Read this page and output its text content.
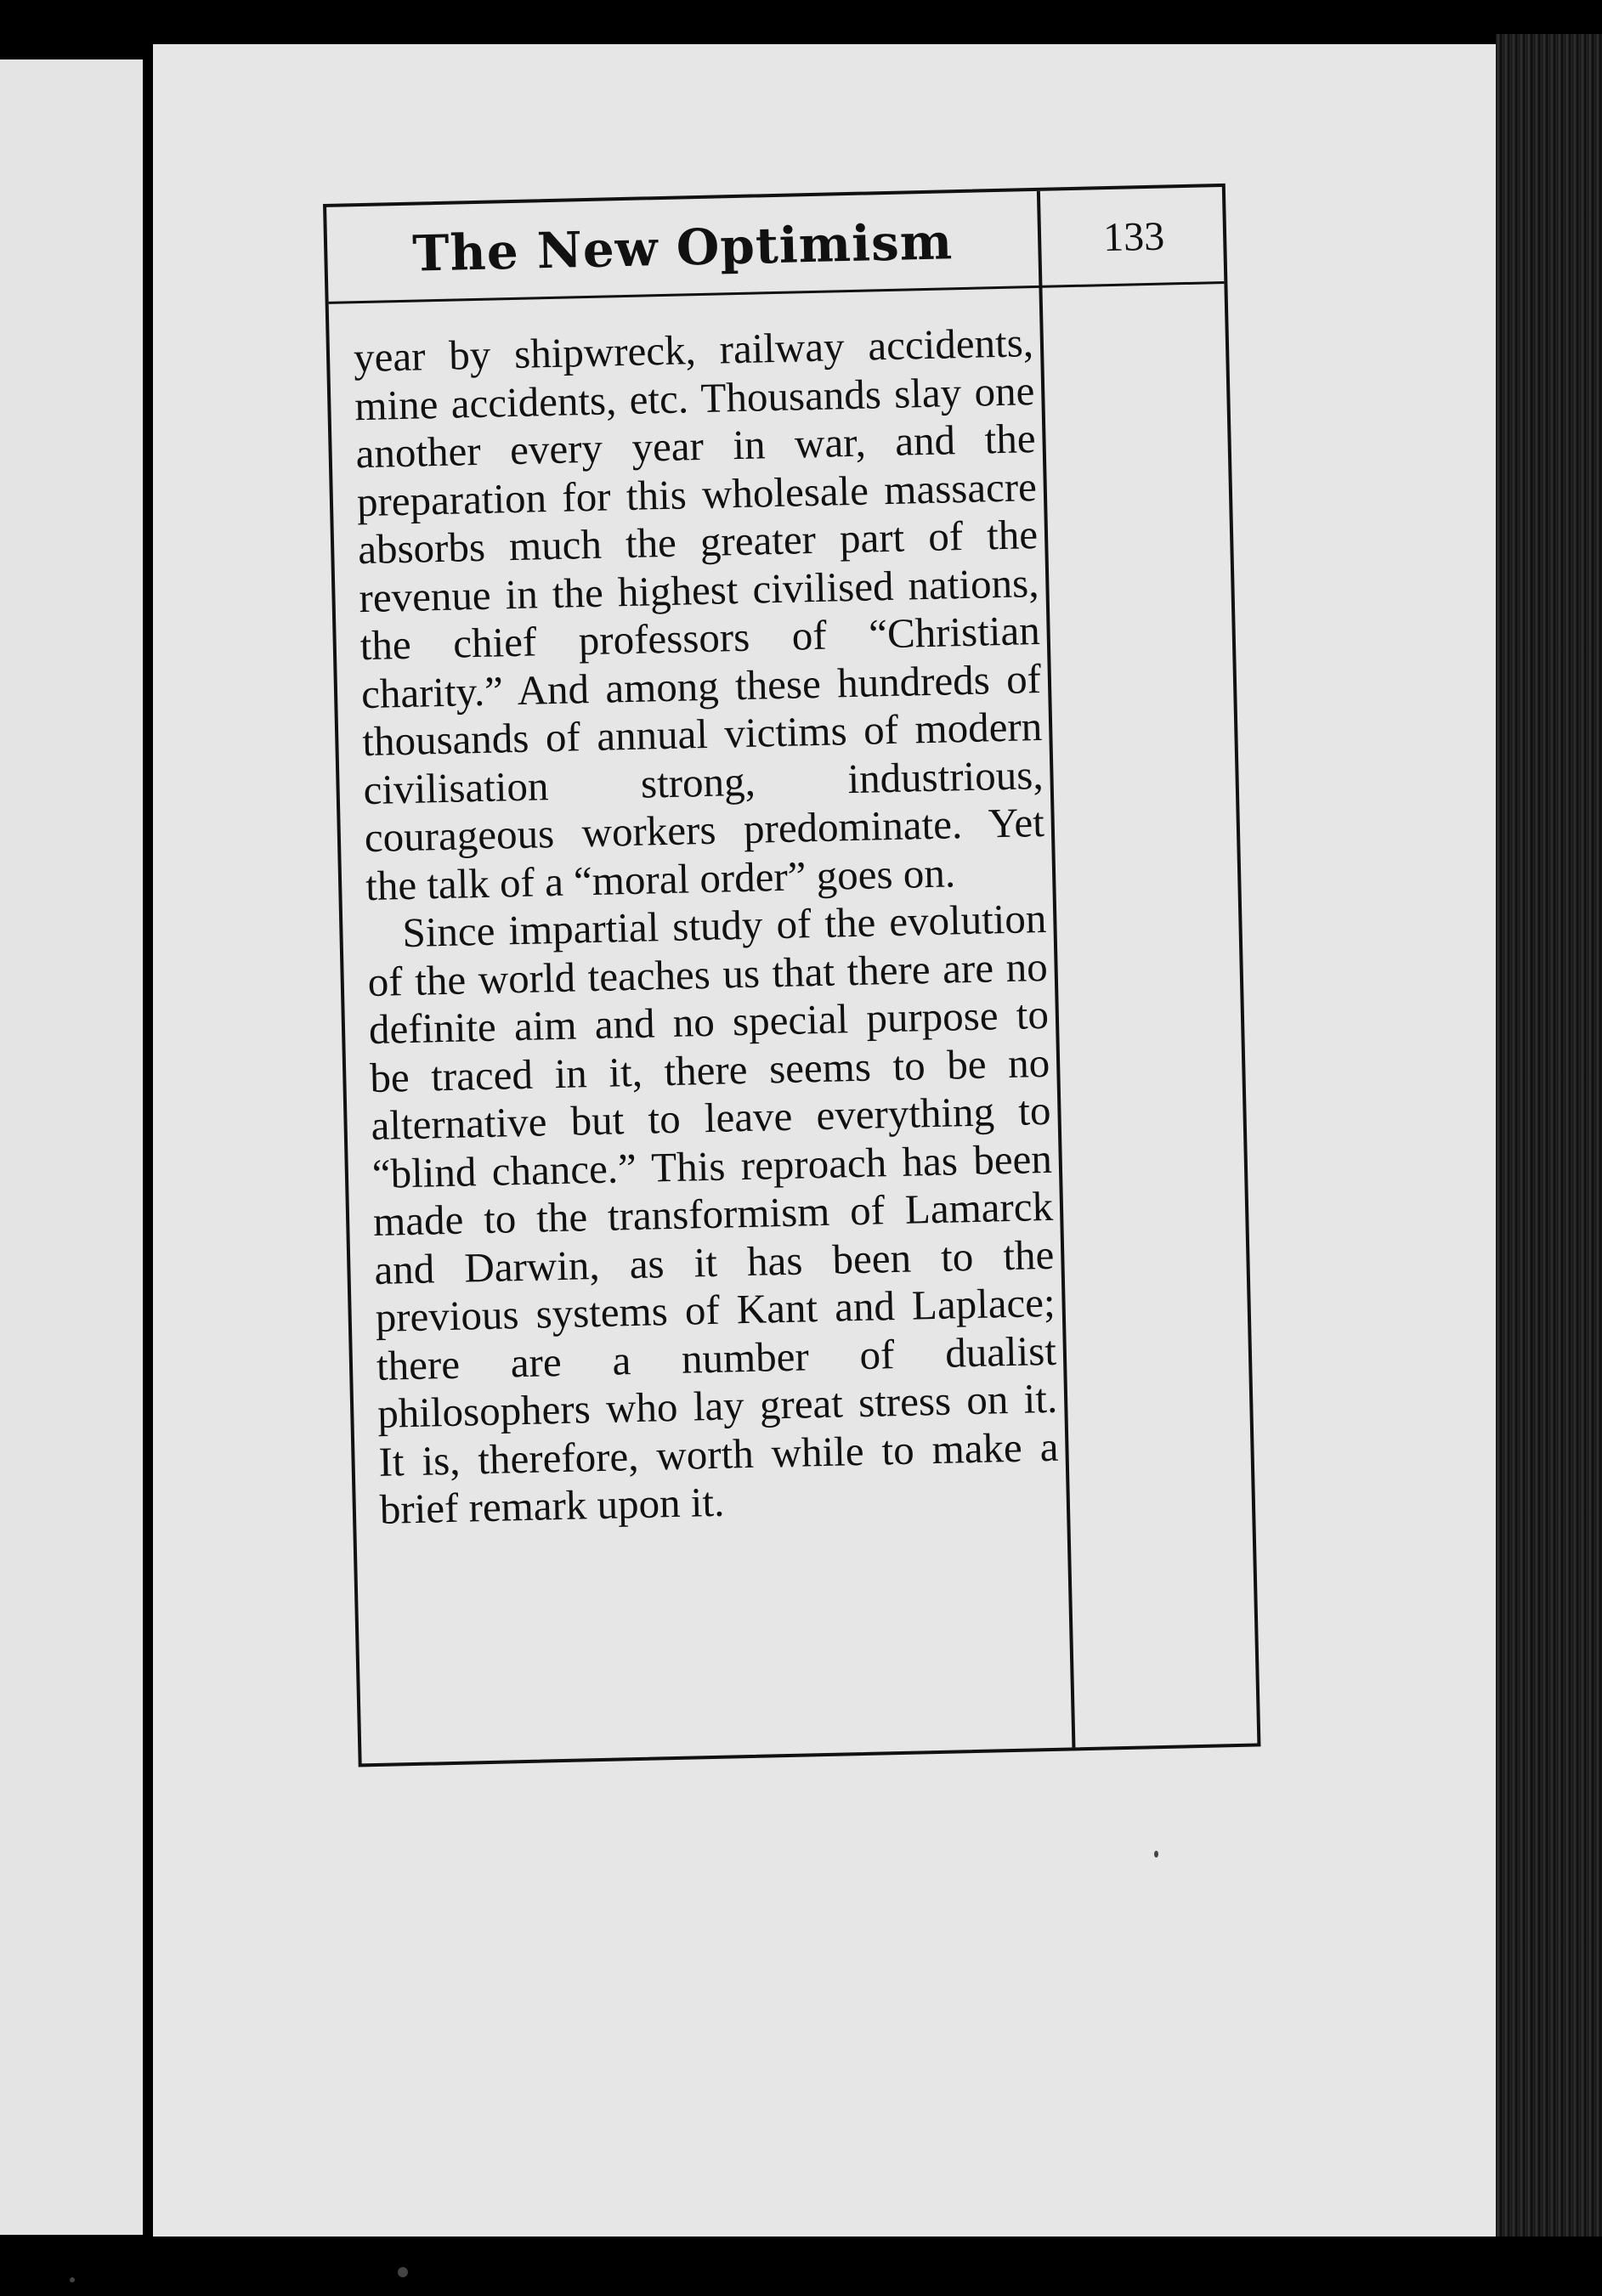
The New Optimism	133

year by shipwreck, railway accidents, mine accidents, etc. Thousands slay one another every year in war, and the preparation for this wholesale massacre absorbs much the greater part of the revenue in the highest civilised nations, the chief professors of “Christian charity.” And among these hundreds of thousands of annual victims of modern civilisation strong, industrious, courageous workers predominate. Yet the talk of a “moral order” goes on.

Since impartial study of the evolution of the world teaches us that there are no definite aim and no special purpose to be traced in it, there seems to be no alternative but to leave everything to “blind chance.” This reproach has been made to the transformism of Lamarck and Darwin, as it has been to the previous systems of Kant and Laplace; there are a number of dualist philosophers who lay great stress on it. It is, therefore, worth while to make a brief remark upon it.
